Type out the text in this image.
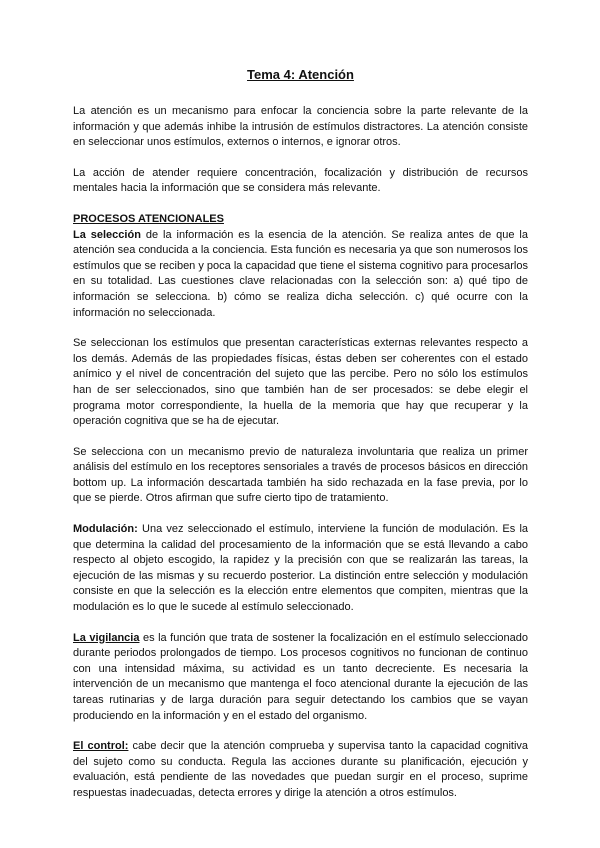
Tema 4: Atención

La atención es un mecanismo para enfocar la conciencia sobre la parte relevante de la información y que además inhibe la intrusión de estímulos distractores. La atención consiste en seleccionar unos estímulos, externos o internos, e ignorar otros.

La acción de atender requiere concentración, focalización y distribución de recursos mentales hacia la información que se considera más relevante.

PROCESOS ATENCIONALES

La selección de la información es la esencia de la atención. Se realiza antes de que la atención sea conducida a la conciencia. Esta función es necesaria ya que son numerosos los estímulos que se reciben y poca la capacidad que tiene el sistema cognitivo para procesarlos en su totalidad. Las cuestiones clave relacionadas con la selección son: a) qué tipo de información se selecciona. b) cómo se realiza dicha selección. c) qué ocurre con la información no seleccionada.

Se seleccionan los estímulos que presentan características externas relevantes respecto a los demás. Además de las propiedades físicas, éstas deben ser coherentes con el estado anímico y el nivel de concentración del sujeto que las percibe. Pero no sólo los estímulos han de ser seleccionados, sino que también han de ser procesados: se debe elegir el programa motor correspondiente, la huella de la memoria que hay que recuperar y la operación cognitiva que se ha de ejecutar.

Se selecciona con un mecanismo previo de naturaleza involuntaria que realiza un primer análisis del estímulo en los receptores sensoriales a través de procesos básicos en dirección bottom up. La información descartada también ha sido rechazada en la fase previa, por lo que se pierde. Otros afirman que sufre cierto tipo de tratamiento.

Modulación: Una vez seleccionado el estímulo, interviene la función de modulación. Es la que determina la calidad del procesamiento de la información que se está llevando a cabo respecto al objeto escogido, la rapidez y la precisión con que se realizarán las tareas, la ejecución de las mismas y su recuerdo posterior. La distinción entre selección y modulación consiste en que la selección es la elección entre elementos que compiten, mientras que la modulación es lo que le sucede al estímulo seleccionado.

La vigilancia es la función que trata de sostener la focalización en el estímulo seleccionado durante periodos prolongados de tiempo. Los procesos cognitivos no funcionan de continuo con una intensidad máxima, su actividad es un tanto decreciente. Es necesaria la intervención de un mecanismo que mantenga el foco atencional durante la ejecución de las tareas rutinarias y de larga duración para seguir detectando los cambios que se vayan produciendo en la información y en el estado del organismo.

El control: cabe decir que la atención comprueba y supervisa tanto la capacidad cognitiva del sujeto como su conducta. Regula las acciones durante su planificación, ejecución y evaluación, está pendiente de las novedades que puedan surgir en el proceso, suprime respuestas inadecuadas, detecta errores y dirige la atención a otros estímulos.
